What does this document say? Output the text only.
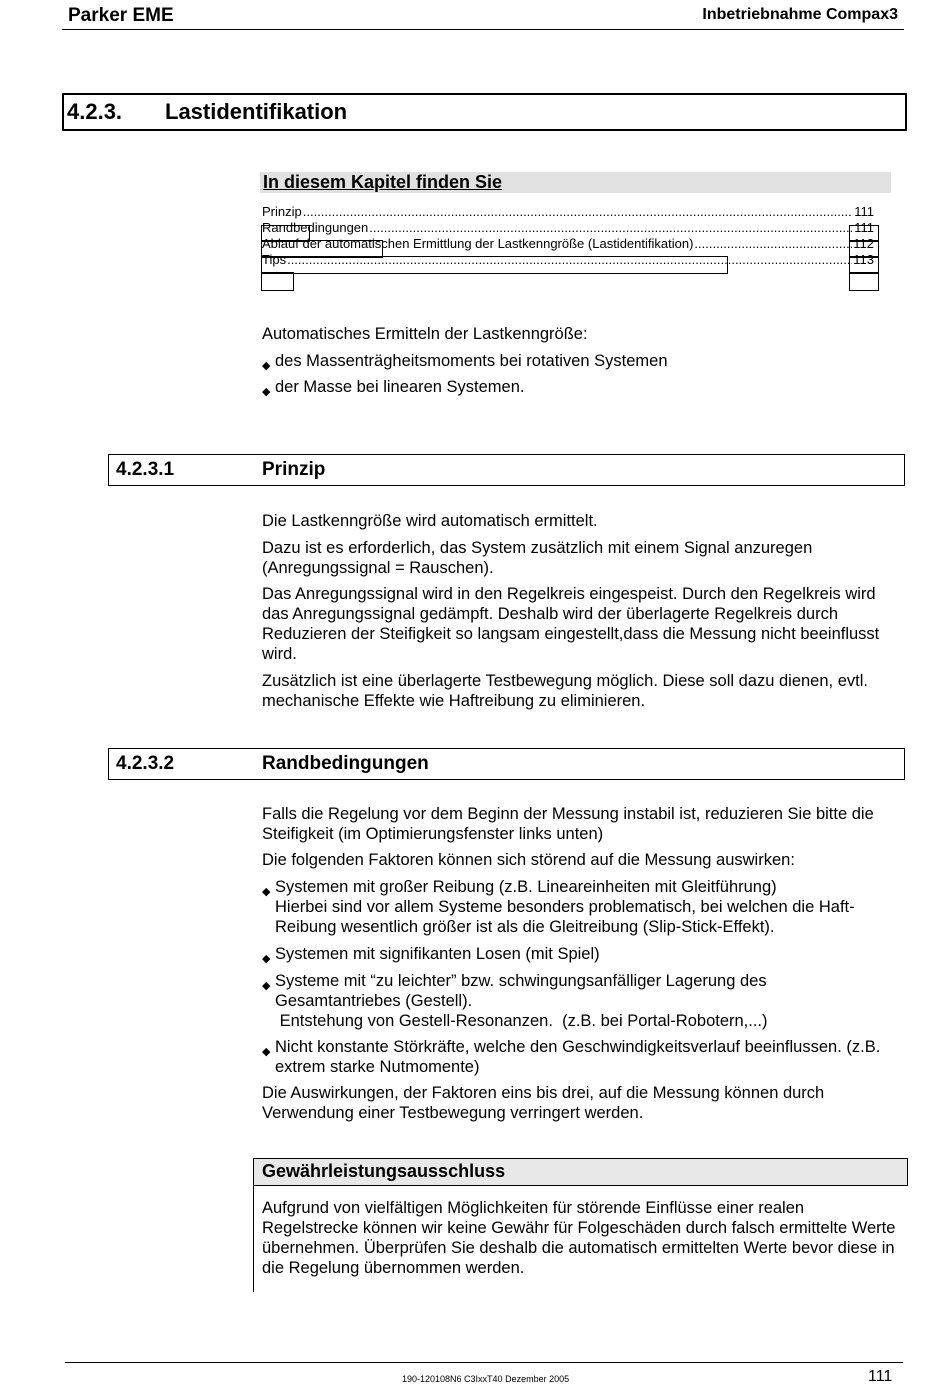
Parker EME	Inbetriebnahme Compax3
4.2.3. Lastidentifikation
In diesem Kapitel finden Sie
Prinzip .....	111
Randbedingungen .....	111
Ablauf der automatischen Ermittlung der Lastkenngröße (Lastidentifikation) .....	112
Tips .....	113
Automatisches Ermitteln der Lastkenngröße:
◆ des Massenträgheitsmoments bei rotativen Systemen
◆ der Masse bei linearen Systemen.
4.2.3.1	Prinzip
Die Lastkenngröße wird automatisch ermittelt.
Dazu ist es erforderlich, das System zusätzlich mit einem Signal anzuregen (Anregungssignal = Rauschen).
Das Anregungssignal wird in den Regelkreis eingespeist. Durch den Regelkreis wird das Anregungssignal gedämpft. Deshalb wird der überlagerte Regelkreis durch Reduzieren der Steifigkeit so langsam eingestellt,dass die Messung nicht beeinflusst wird.
Zusätzlich ist eine überlagerte Testbewegung möglich. Diese soll dazu dienen, evtl. mechanische Effekte wie Haftreibung zu eliminieren.
4.2.3.2	Randbedingungen
Falls die Regelung vor dem Beginn der Messung instabil ist, reduzieren Sie bitte die Steifigkeit (im Optimierungsfenster links unten)
Die folgenden Faktoren können sich störend auf die Messung auswirken:
◆ Systemen mit großer Reibung (z.B. Lineareinheiten mit Gleitführung)
Hierbei sind vor allem Systeme besonders problematisch, bei welchen die Haft-Reibung wesentlich größer ist als die Gleitreibung (Slip-Stick-Effekt).
◆ Systemen mit signifikanten Losen (mit Spiel)
◆ Systeme mit “zu leichter” bzw. schwingungsanfälliger Lagerung des Gesamtantriebes (Gestell).
Entstehung von Gestell-Resonanzen.  (z.B. bei Portal-Robotern,...)
◆ Nicht konstante Störkräfte, welche den Geschwindigkeitsverlauf beeinflussen. (z.B. extrem starke Nutmomente)
Die Auswirkungen, der Faktoren eins bis drei, auf die Messung können durch Verwendung einer Testbewegung verringert werden.
Gewährleistungsausschluss
Aufgrund von vielfältigen Möglichkeiten für störende Einflüsse einer realen Regelstrecke können wir keine Gewähr für Folgeschäden durch falsch ermittelte Werte übernehmen. Überprüfen Sie deshalb die automatisch ermittelten Werte bevor diese in die Regelung übernommen werden.
190-120108N6 C3IxxT40 Dezember 2005	111
